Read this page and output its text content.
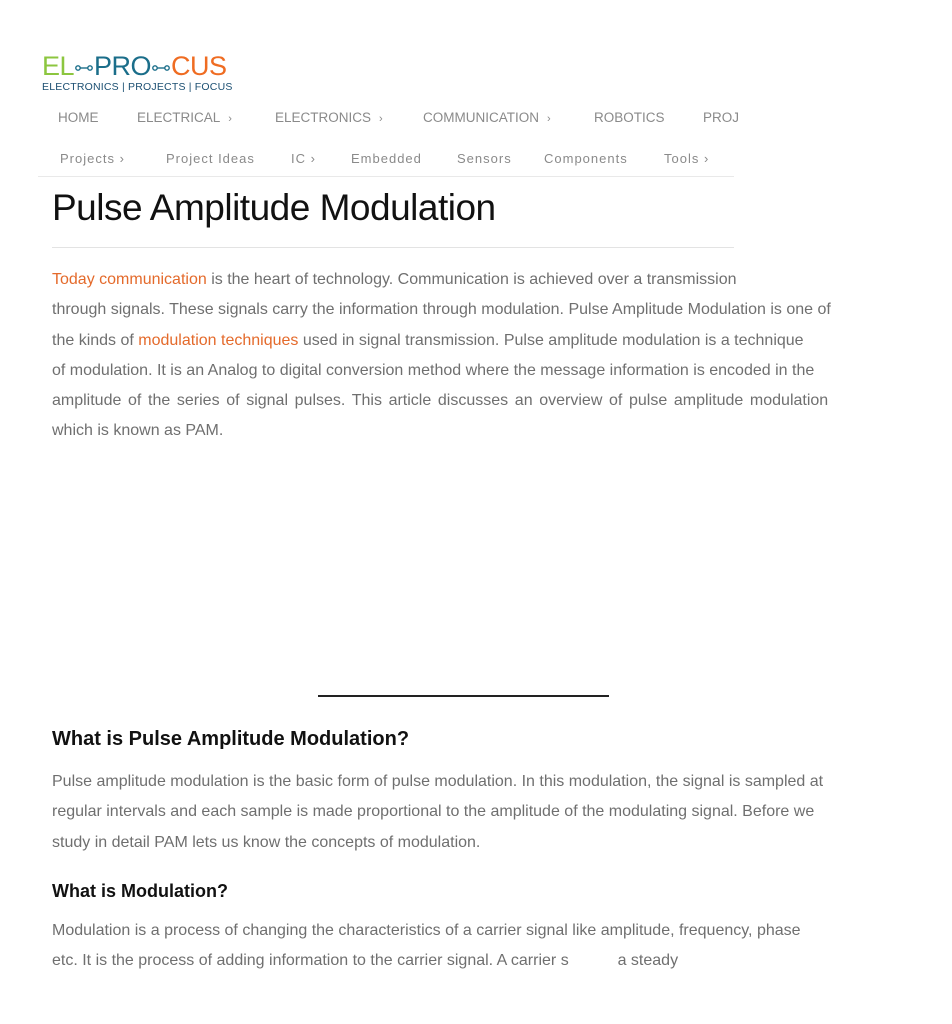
EL PRO CUS
ELECTRONICS | PROJECTS | FOCUS
HOME	ELECTRICAL ›	ELECTRONICS ›	COMMUNICATION ›	ROBOTICS	PROJ
Projects ›	Project Ideas	IC ›	Embedded	Sensors Components	Tools ›
Pulse Amplitude Modulation

Today communication is the heart of technology. Communication is achieved over a transmission
through signals. These signals carry the information through modulation. Pulse Amplitude Modulation is one of
the kinds of modulation techniques used in signal transmission. Pulse amplitude modulation is a technique
of modulation. It is an Analog to digital conversion method where the message information is encoded in the
amplitude of the series of signal pulses. This article discusses an overview of pulse amplitude modulation
which is known as PAM.

What is Pulse Amplitude Modulation?

Pulse amplitude modulation is the basic form of pulse modulation. In this modulation, the signal is sampled at
regular intervals and each sample is made proportional to the amplitude of the modulating signal. Before we
study in detail PAM lets us know the concepts of modulation.

What is Modulation?

Modulation is a process of changing the characteristics of a carrier signal like amplitude, frequency, phase
etc. It is the process of adding information to the carrier signal. A carrier s           a steady
